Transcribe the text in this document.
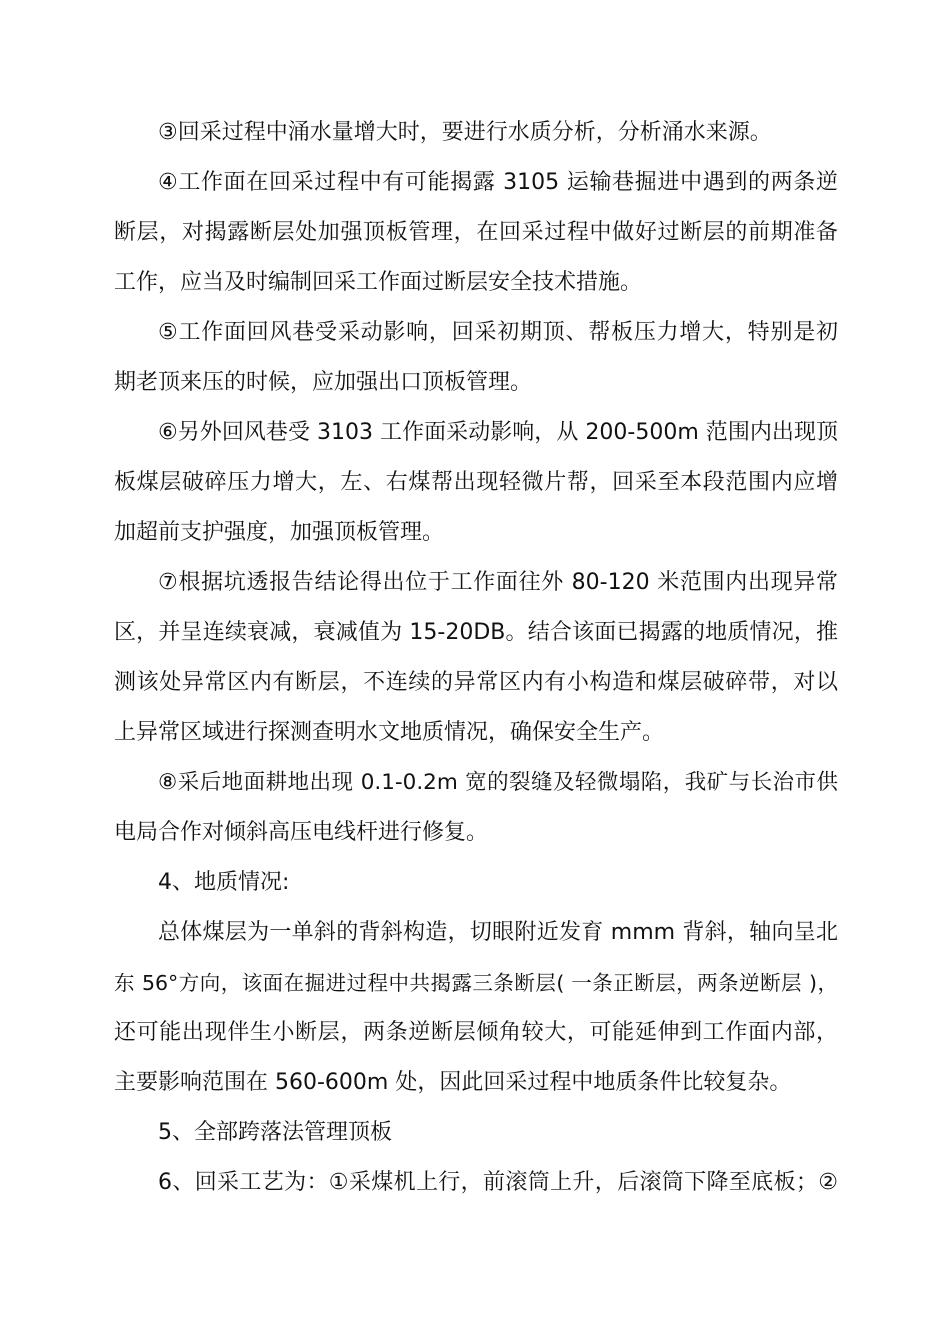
③回采过程中涌水量增大时，要进行水质分析，分析涌水来源。
④工作面在回采过程中有可能揭露 3105 运输巷掘进中遇到的两条逆
断层，对揭露断层处加强顶板管理，在回采过程中做好过断层的前期准备
工作，应当及时编制回采工作面过断层安全技术措施。
⑤工作面回风巷受采动影响，回采初期顶、帮板压力增大，特别是初
期老顶来压的时候，应加强出口顶板管理。
⑥另外回风巷受 3103 工作面采动影响，从 200-500m 范围内出现顶
板煤层破碎压力增大，左、右煤帮出现轻微片帮，回采至本段范围内应增
加超前支护强度，加强顶板管理。
⑦根据坑透报告结论得出位于工作面往外 80-120 米范围内出现异常
区，并呈连续衰减，衰减值为 15-20DB。结合该面已揭露的地质情况，推
测该处异常区内有断层，不连续的异常区内有小构造和煤层破碎带，对以
上异常区域进行探测查明水文地质情况，确保安全生产。
⑧采后地面耕地出现 0.1-0.2m 宽的裂缝及轻微塌陷，我矿与长治市供
电局合作对倾斜高压电线杆进行修复。
4、地质情况:
总体煤层为一单斜的背斜构造，切眼附近发育 mmm 背斜，轴向呈北
东 56°方向，该面在掘进过程中共揭露三条断层( 一条正断层，两条逆断层 )，
还可能出现伴生小断层，两条逆断层倾角较大，可能延伸到工作面内部，
主要影响范围在 560-600m 处，因此回采过程中地质条件比较复杂。
5、全部跨落法管理顶板
6、回采工艺为：①采煤机上行，前滚筒上升，后滚筒下降至底板；②
